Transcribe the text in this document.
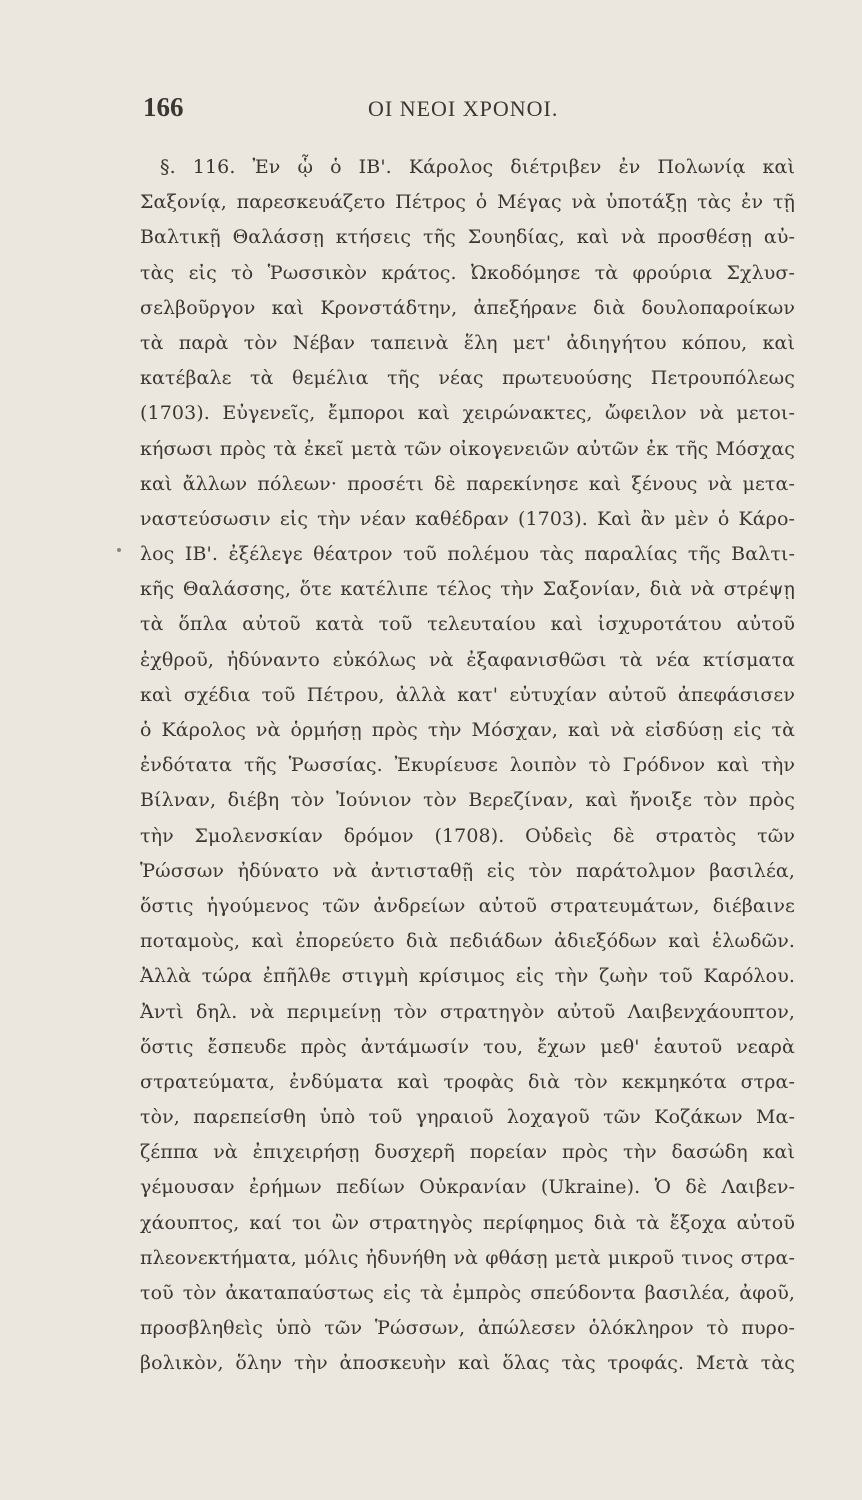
166	ΟΙ ΝΕΟΙ ΧΡΟΝΟΙ.
§. 116. Ἐν ᾧ ὁ ΙΒ'. Κάρολος διέτριβεν ἐν Πολωνίᾳ καὶ
Σαξονίᾳ, παρεσκευάζετο Πέτρος ὁ Μέγας νὰ ὑποτάξῃ τὰς ἐν τῇ
Βαλτικῇ Θαλάσσῃ κτήσεις τῆς Σουηδίας, καὶ νὰ προσθέσῃ αὐ-
τὰς εἰς τὸ Ῥωσσικὸν κράτος. Ὠκοδόμησε τὰ φρούρια Σχλυσ-
σελβοῦργον καὶ Κρονστάδτην, ἀπεξήρανε διὰ δουλοπαροίκων
τὰ παρὰ τὸν Νέβαν ταπεινὰ ἕλη μετ' ἀδιηγήτου κόπου, καὶ
κατέβαλε τὰ θεμέλια τῆς νέας πρωτευούσης Πετρουπόλεως
(1703). Εὐγενεῖς, ἔμποροι καὶ χειρώνακτες, ὤφειλον νὰ μετοι-
κήσωσι πρὸς τὰ ἐκεῖ μετὰ τῶν οἰκογενειῶν αὐτῶν ἐκ τῆς Μόσχας
καὶ ἄλλων πόλεων· προσέτι δὲ παρεκίνησε καὶ ξένους νὰ μετα-
ναστεύσωσιν εἰς τὴν νέαν καθέδραν (1703). Καὶ ἂν μὲν ὁ Κάρο-
λος ΙΒ'. ἐξέλεγε θέατρον τοῦ πολέμου τὰς παραλίας τῆς Βαλτι-
κῆς Θαλάσσης, ὅτε κατέλιπε τέλος τὴν Σαξονίαν, διὰ νὰ στρέψῃ
τὰ ὅπλα αὐτοῦ κατὰ τοῦ τελευταίου καὶ ἰσχυροτάτου αὐτοῦ
ἐχθροῦ, ἠδύναντο εὐκόλως νὰ ἐξαφανισθῶσι τὰ νέα κτίσματα
καὶ σχέδια τοῦ Πέτρου, ἀλλὰ κατ' εὐτυχίαν αὐτοῦ ἀπεφάσισεν
ὁ Κάρολος νὰ ὁρμήσῃ πρὸς τὴν Μόσχαν, καὶ νὰ εἰσδύσῃ εἰς τὰ
ἐνδότατα τῆς Ῥωσσίας. Ἐκυρίευσε λοιπὸν τὸ Γρόδνον καὶ τὴν
Βίλναν, διέβη τὸν Ἰούνιον τὸν Βερεζίναν, καὶ ἤνοιξε τὸν πρὸς
τὴν Σμολενσκίαν δρόμον (1708). Οὐδεὶς δὲ στρατὸς τῶν
Ῥώσσων ἠδύνατο νὰ ἀντισταθῇ εἰς τὸν παράτολμον βασιλέα,
ὅστις ἡγούμενος τῶν ἀνδρείων αὐτοῦ στρατευμάτων, διέβαινε
ποταμοὺς, καὶ ἐπορεύετο διὰ πεδιάδων ἀδιεξόδων καὶ ἑλωδῶν.
Ἀλλὰ τώρα ἐπῆλθε στιγμὴ κρίσιμος εἰς τὴν ζωὴν τοῦ Καρόλου.
Ἀντὶ δηλ. νὰ περιμείνῃ τὸν στρατηγὸν αὐτοῦ Λαιβενχάουπτον,
ὅστις ἔσπευδε πρὸς ἀντάμωσίν του, ἔχων μεθ' ἑαυτοῦ νεαρὰ
στρατεύματα, ἐνδύματα καὶ τροφὰς διὰ τὸν κεκμηκότα στρα-
τὸν, παρεπείσθη ὑπὸ τοῦ γηραιοῦ λοχαγοῦ τῶν Κοζάκων Μα-
ζέππα νὰ ἐπιχειρήσῃ δυσχερῆ πορείαν πρὸς τὴν δασώδη καὶ
γέμουσαν ἐρήμων πεδίων Οὐκρανίαν (Ukraine). Ὁ δὲ Λαιβεν-
χάουπτος, καί τοι ὢν στρατηγὸς περίφημος διὰ τὰ ἔξοχα αὐτοῦ
πλεονεκτήματα, μόλις ἠδυνήθη νὰ φθάσῃ μετὰ μικροῦ τινος στρα-
τοῦ τὸν ἀκαταπαύστως εἰς τὰ ἐμπρὸς σπεύδοντα βασιλέα, ἀφοῦ,
προσβληθεὶς ὑπὸ τῶν Ῥώσσων, ἀπώλεσεν ὁλόκληρον τὸ πυρο-
βολικὸν, ὅλην τὴν ἀποσκευὴν καὶ ὅλας τὰς τροφάς. Μετὰ τὰς
